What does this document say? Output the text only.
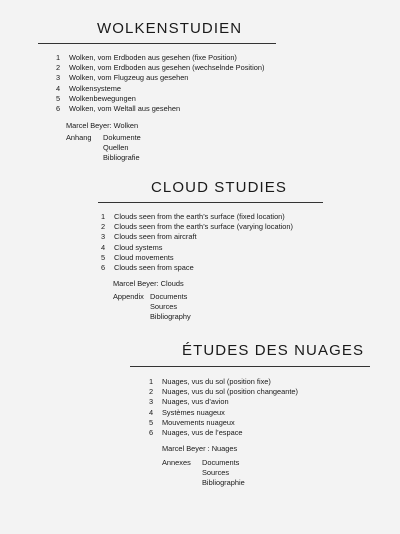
WOLKENSTUDIEN
1	Wolken, vom Erdboden aus gesehen (fixe Position)
2	Wolken, vom Erdboden aus gesehen (wechselnde Position)
3	Wolken, vom Flugzeug aus gesehen
4	Wolkensysteme
5	Wolkenbewegungen
6	Wolken, vom Weltall aus gesehen
Marcel Beyer: Wolken
Anhang	Dokumente
Quellen
Bibliografie
CLOUD STUDIES
1	Clouds seen from the earth’s surface (fixed location)
2	Clouds seen from the earth’s surface (varying location)
3	Clouds seen from aircraft
4	Cloud systems
5	Cloud movements
6	Clouds seen from space
Marcel Beyer: Clouds
Appendix Documents
Sources
Bibliography
ÉTUDES DES NUAGES
1	Nuages, vus du sol (position fixe)
2	Nuages, vus du sol (position changeante)
3	Nuages, vus d’avion
4	Systèmes nuageux
5	Mouvements nuageux
6	Nuages, vus de l’espace
Marcel Beyer : Nuages
Annexes	Documents
Sources
Bibliographie
